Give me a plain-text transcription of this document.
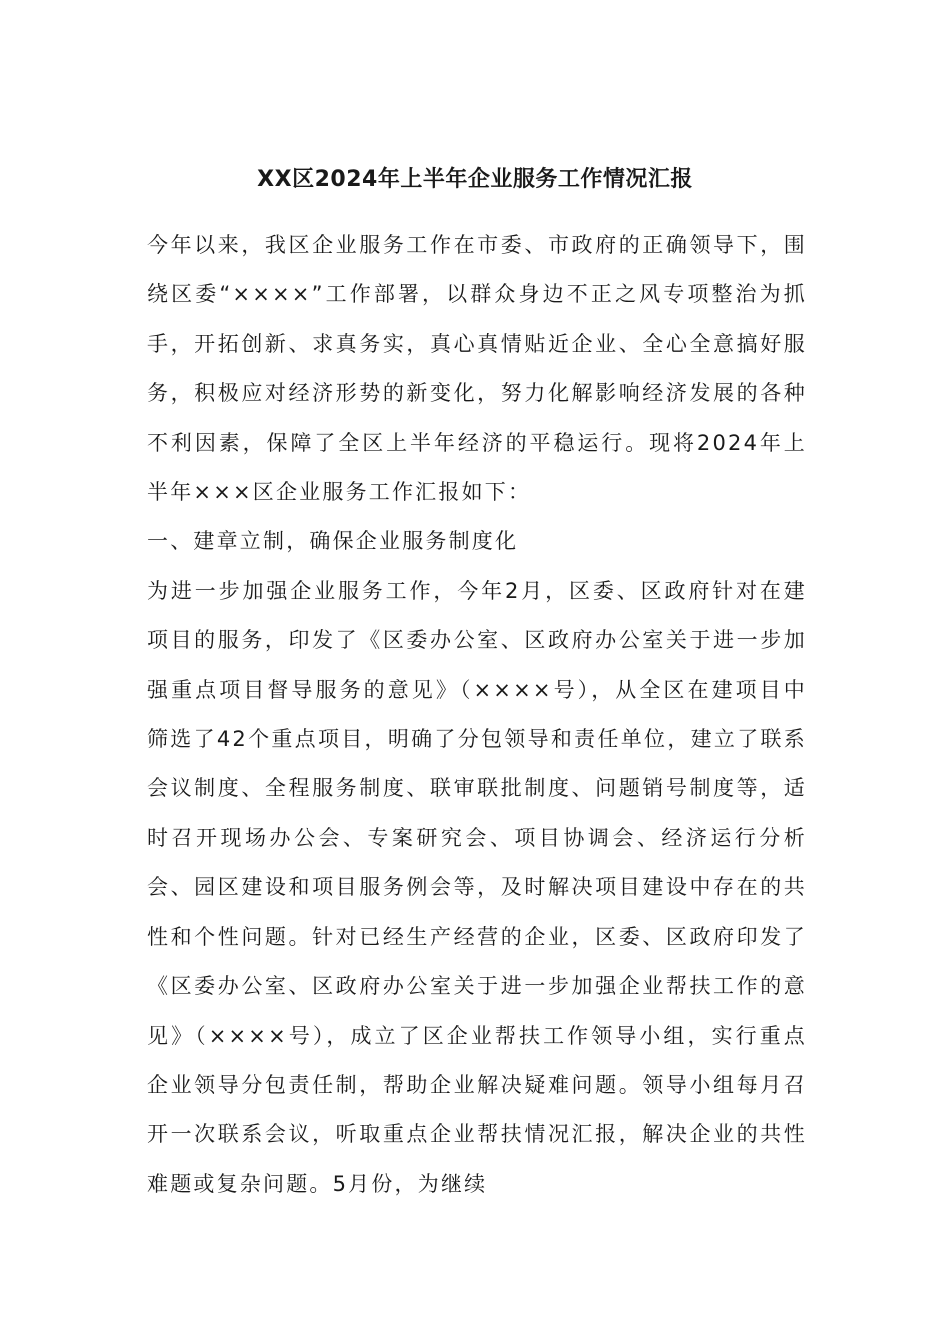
XX区2024年上半年企业服务工作情况汇报

今年以来，我区企业服务工作在市委、市政府的正确领导下，围绕区委“××××”工作部署，以群众身边不正之风专项整治为抓手，开拓创新、求真务实，真心真情贴近企业、全心全意搞好服务，积极应对经济形势的新变化，努力化解影响经济发展的各种不利因素，保障了全区上半年经济的平稳运行。现将2024年上半年×××区企业服务工作汇报如下：

一、建章立制，确保企业服务制度化

为进一步加强企业服务工作，今年2月，区委、区政府针对在建项目的服务，印发了《区委办公室、区政府办公室关于进一步加强重点项目督导服务的意见》（××××号），从全区在建项目中筛选了42个重点项目，明确了分包领导和责任单位，建立了联系会议制度、全程服务制度、联审联批制度、问题销号制度等，适时召开现场办公会、专案研究会、项目协调会、经济运行分析会、园区建设和项目服务例会等，及时解决项目建设中存在的共性和个性问题。针对已经生产经营的企业，区委、区政府印发了《区委办公室、区政府办公室关于进一步加强企业帮扶工作的意见》（××××号），成立了区企业帮扶工作领导小组，实行重点企业领导分包责任制，帮助企业解决疑难问题。领导小组每月召开一次联系会议，听取重点企业帮扶情况汇报，解决企业的共性难题或复杂问题。5月份，为继续
